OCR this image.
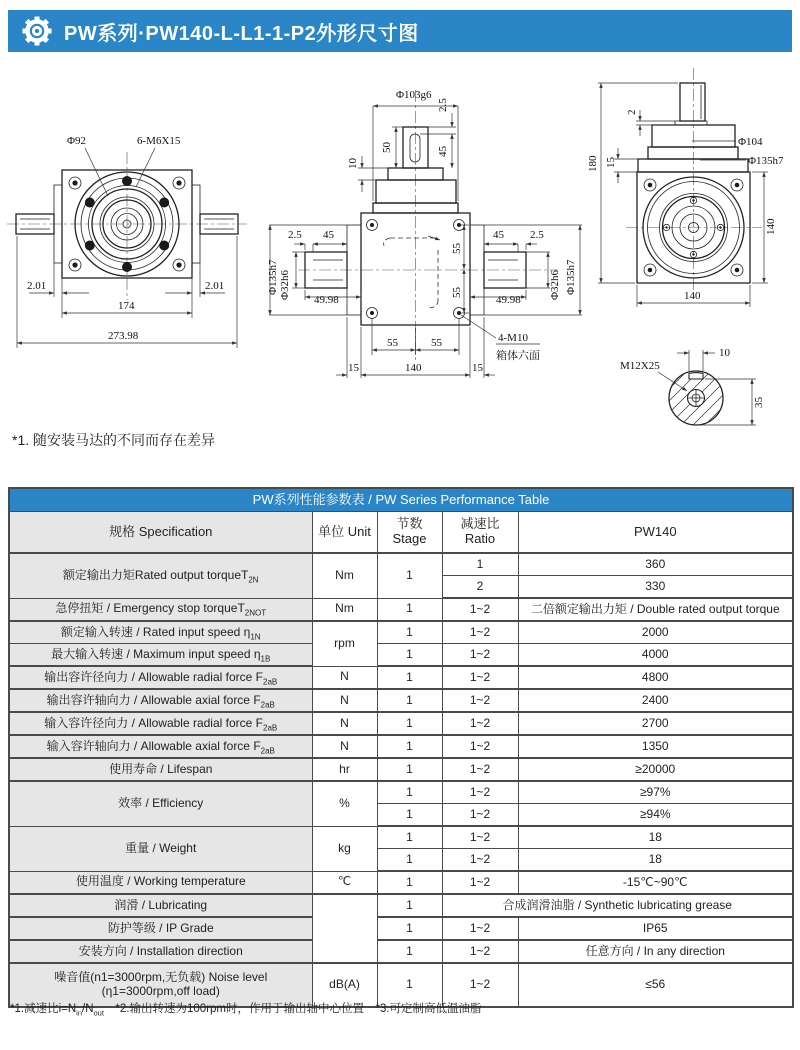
PW系列·PW140-L-L1-1-P2外形尺寸图
Φ92	6-M6X15
2.01	2.01
174
273.98
Φ103g6
2.5
45
50
10
2.5 45
Φ32h6 49.98
Φ135h7
45 2.5
Φ32h6
49.98
Φ135h7
55
55
55	55
15	140	15
4-M10
箱体六面
180
2
15
Φ104
Φ135h7
140
140
M12X25
10
35
*1. 随安装马达的不同而存在差异
PW系列性能参数表 / PW Series Performance Table				
规格 Specification	单位 Unit	节数 Stage	减速比 Ratio	PW140
额定输出力矩Rated output torqueT$_{2N}$	Nm	1	1	360
			2	330
急停扭矩 / Emergency stop torqueT$_{2NOT}$	Nm	1	1~2	二倍额定输出力矩 / Double rated output torque
额定输入转速 / Rated input speed $\eta_{1N}$	rpm	1	1~2	2000
最大输入转速 / Maximum input speed $\eta_{1B}$		1	1~2	4000
输出容许径向力 / Allowable radial force $F_{2aB}$	N	1	1~2	4800
输出容许轴向力 / Allowable axial force $F_{2aB}$	N	1	1~2	2400
输入容许径向力 / Allowable radial force $F_{2aB}$	N	1	1~2	2700
输入容许轴向力 / Allowable axial force $F_{2aB}$	N	1	1~2	1350
使用寿命 / Lifespan	hr	1	1~2	≥20000
效率 / Efficiency	%	1	1~2	≥97%
		1	1~2	≥94%
重量 / Weight	kg	1	1~2	18
		1	1~2	18
使用温度 / Working temperature	℃	1	1~2	-15℃~90℃
润滑 / Lubricating		1	合成润滑油脂 / Synthetic lubricating grease	
防护等级 / IP Grade		1	1~2	IP65
安装方向 / Installation direction		1	1~2	任意方向 / In any direction

噪音值(n1=3000rpm,无负载) Noise level
(η1=3000rpm,off load)	dB(A)	1	1~2	≤56
*1.减速比$i=N_{in}/N_{out}$　*2.输出转速为100rpm时，作用于输出轴中心位置　*3.可定制高低温油脂
